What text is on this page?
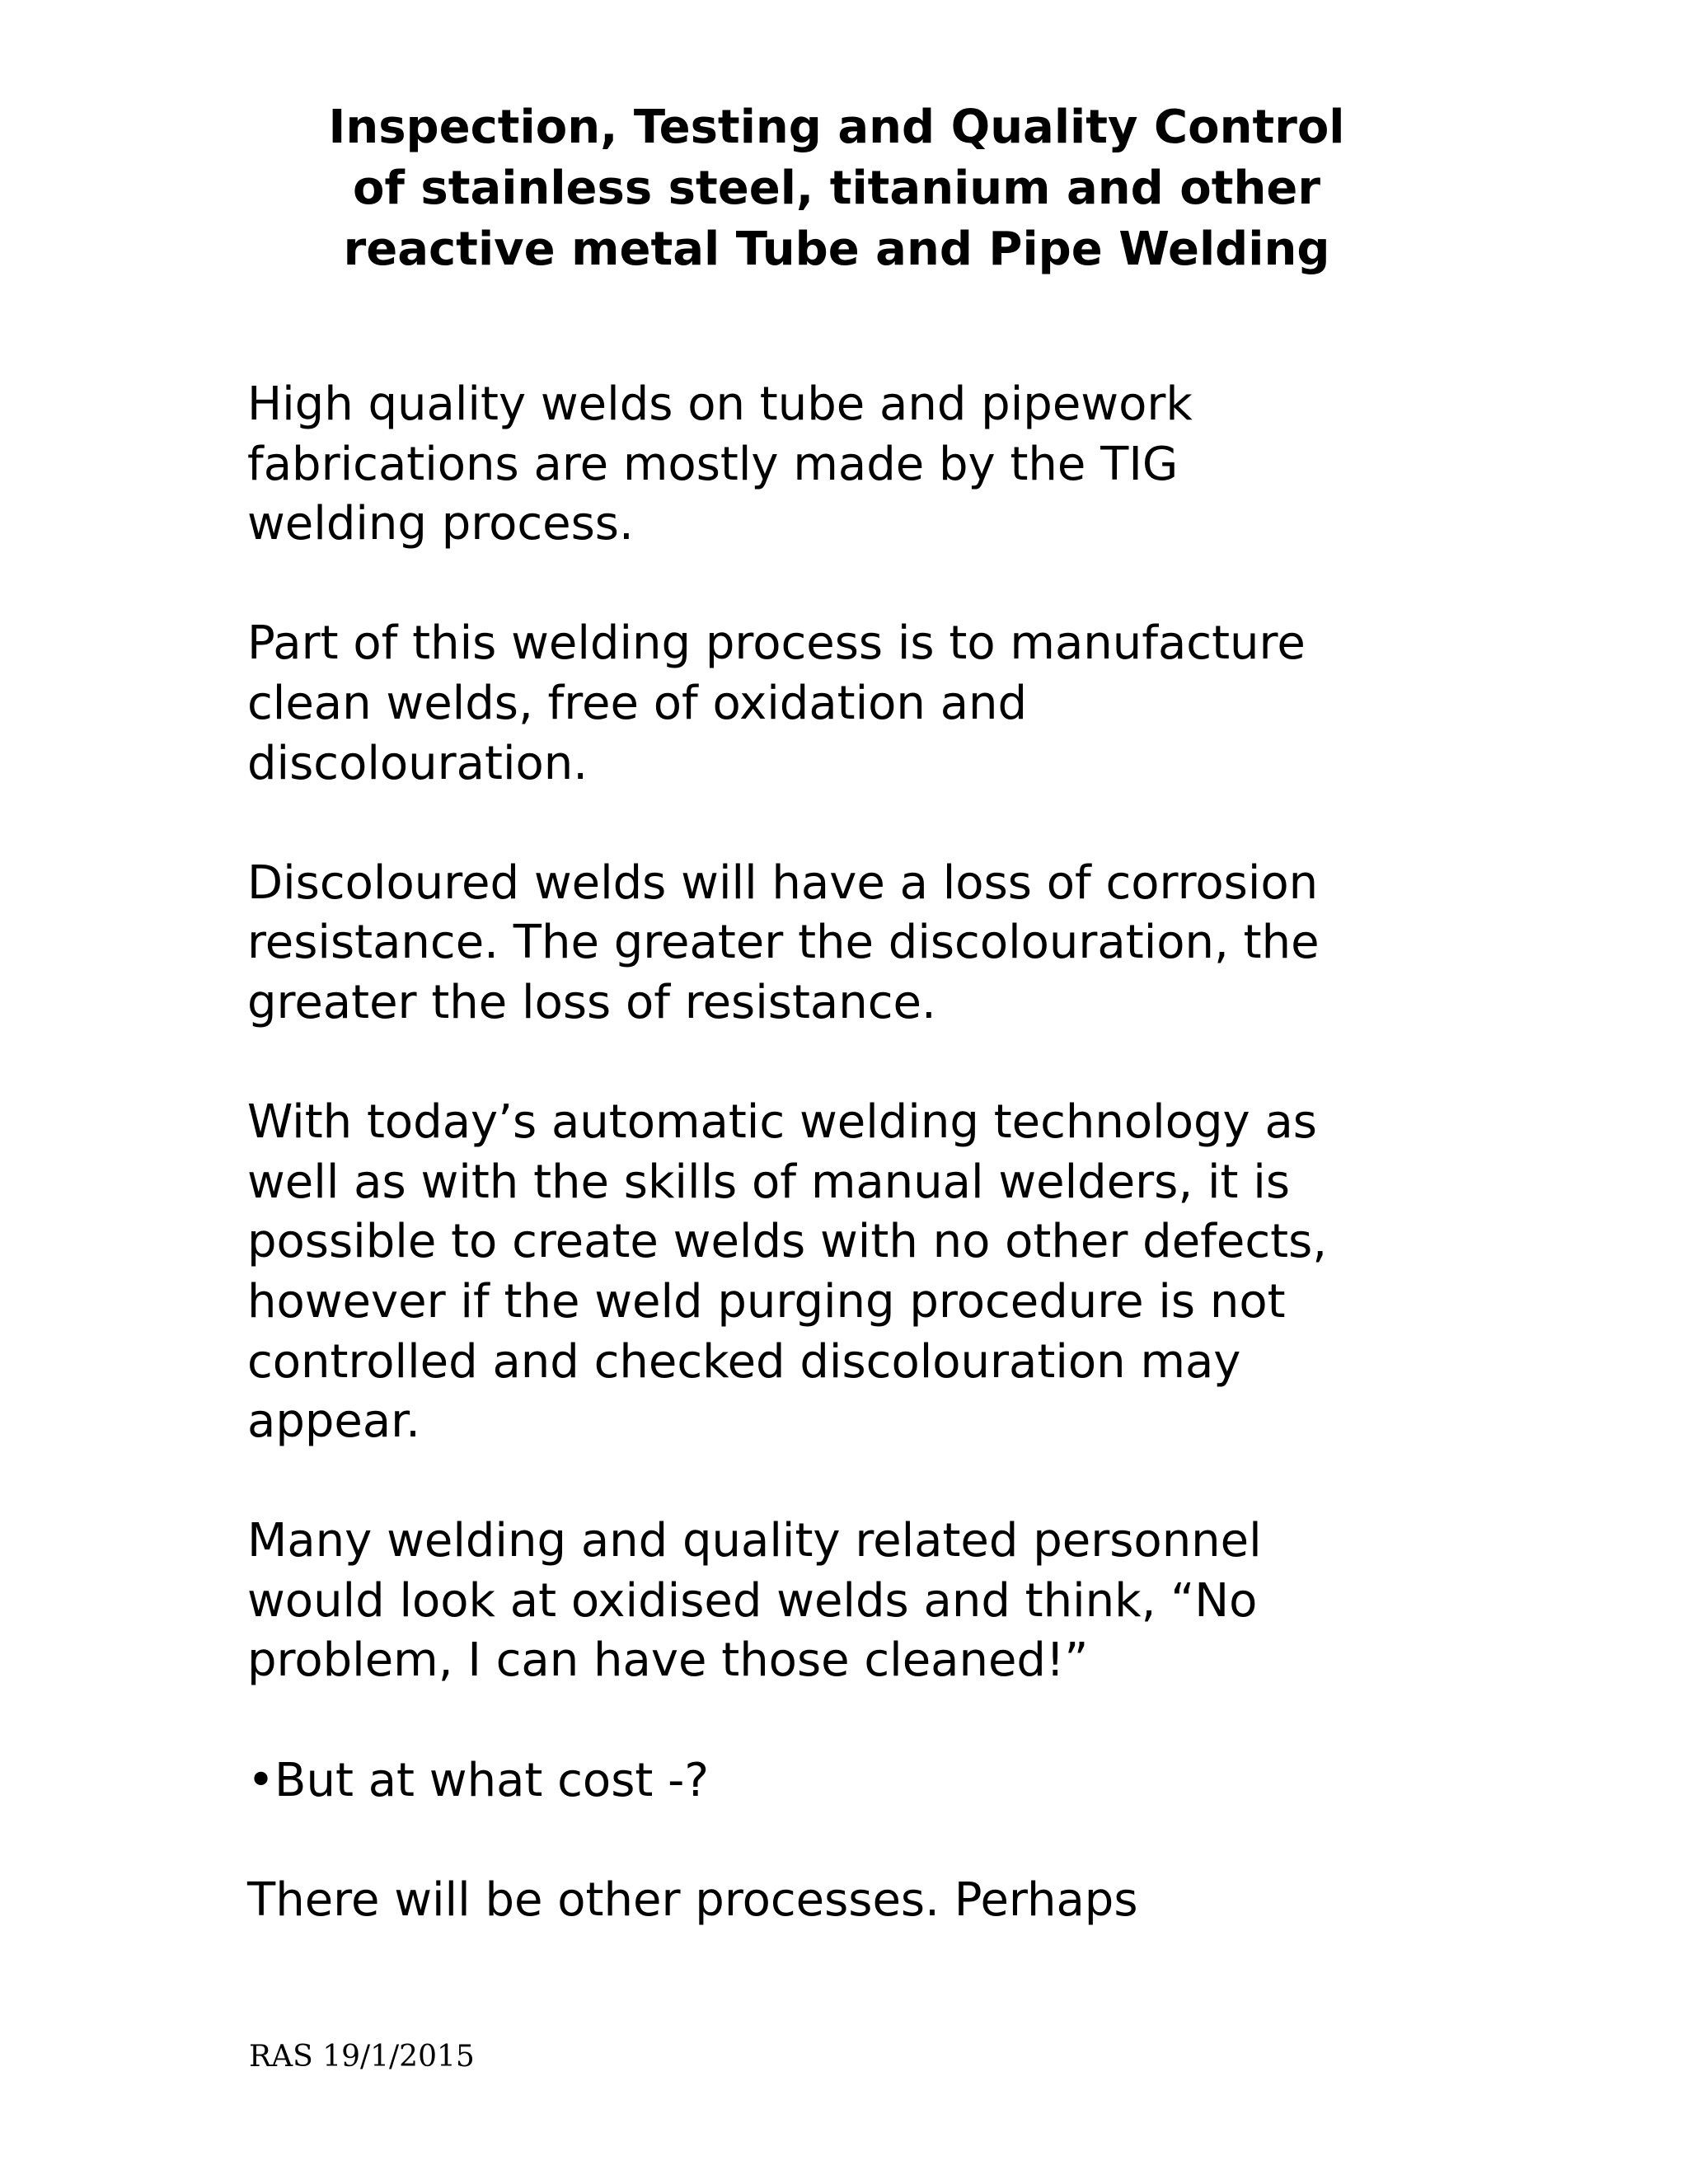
Inspection, Testing and Quality Control
of stainless steel, titanium and other
reactive metal Tube and Pipe Welding

High quality welds on tube and pipework
fabrications are mostly made by the TIG
welding process.

Part of this welding process is to manufacture
clean welds, free of oxidation and
discolouration.

Discoloured welds will have a loss of corrosion
resistance. The greater the discolouration, the
greater the loss of resistance.

With today’s automatic welding technology as
well as with the skills of manual welders, it is
possible to create welds with no other defects,
however if the weld purging procedure is not
controlled and checked discolouration may
appear.

Many welding and quality related personnel
would look at oxidised welds and think, “No
problem, I can have those cleaned!”

•But at what cost -?

There will be other processes. Perhaps

RAS 19/1/2015
